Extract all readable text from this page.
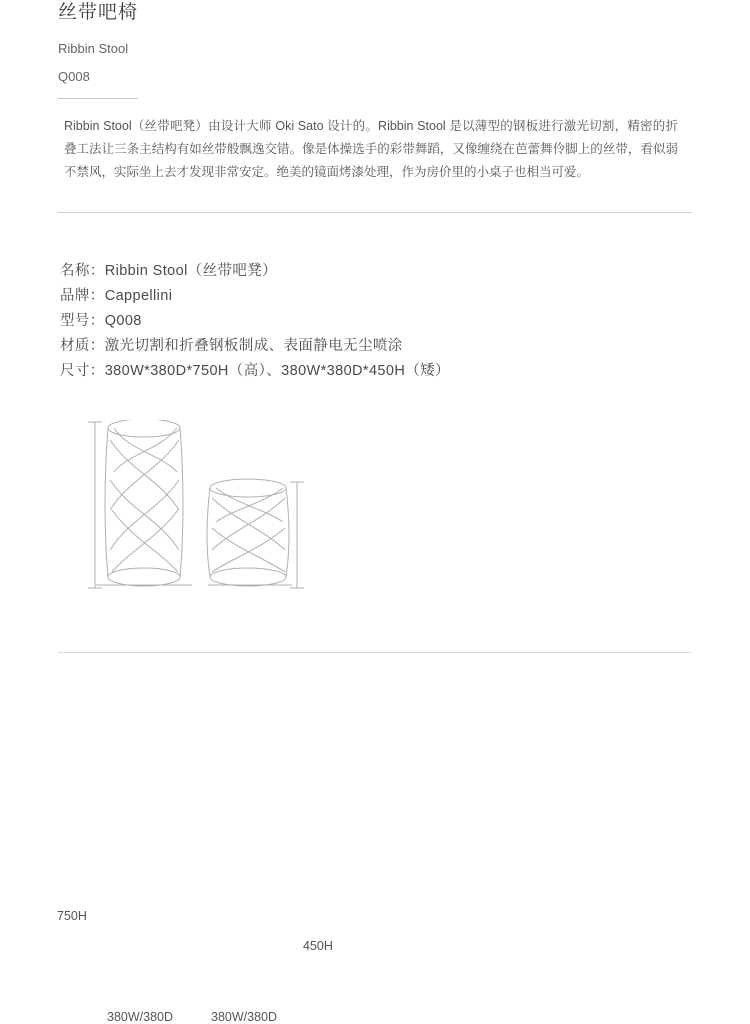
丝带吧椅

Ribbin Stool

Q008

Ribbin Stool（丝带吧凳）由设计大师 Oki Sato 设计的。Ribbin Stool 是以薄型的钢板进行激光切割，精密的折叠工法让三条主结构有如丝带般飘逸交错。像是体操选手的彩带舞蹈，又像缠绕在芭蕾舞伶脚上的丝带，看似弱不禁风，实际坐上去才发现非常安定。绝美的镜面烤漆处理，作为房价里的小桌子也相当可爱。

名称：Ribbin Stool（丝带吧凳）
品牌：Cappellini
型号：Q008
材质：激光切割和折叠钢板制成、表面静电无尘喷涂
尺寸：380W*380D*750H（高）、380W*380D*450H（矮）
750H
450H
380W/380D	380W/380D
